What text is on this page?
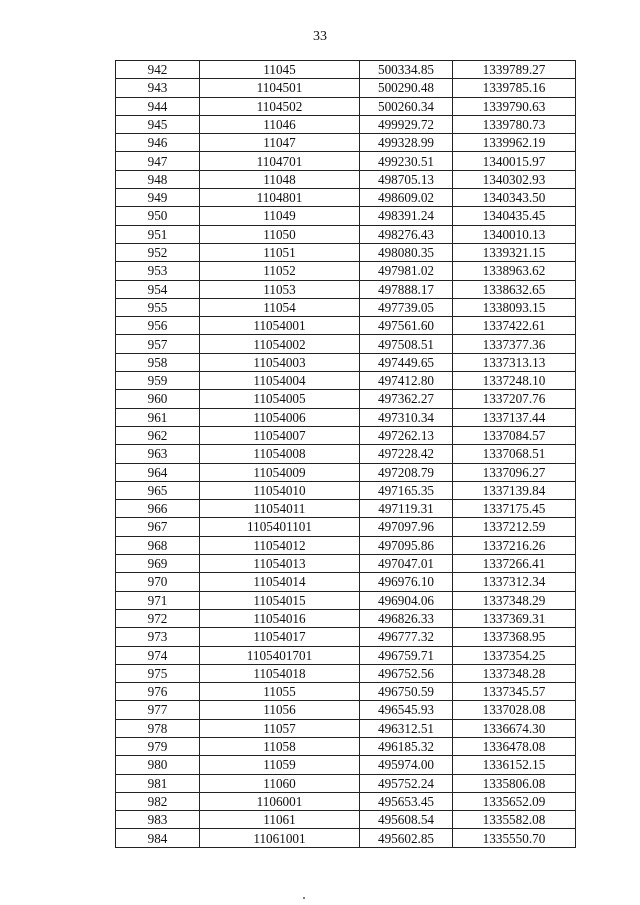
33
942	11045	500334.85	1339789.27
943	1104501	500290.48	1339785.16
944	1104502	500260.34	1339790.63
945	11046	499929.72	1339780.73
946	11047	499328.99	1339962.19
947	1104701	499230.51	1340015.97
948	11048	498705.13	1340302.93
949	1104801	498609.02	1340343.50
950	11049	498391.24	1340435.45
951	11050	498276.43	1340010.13
952	11051	498080.35	1339321.15
953	11052	497981.02	1338963.62
954	11053	497888.17	1338632.65
955	11054	497739.05	1338093.15
956	11054001	497561.60	1337422.61
957	11054002	497508.51	1337377.36
958	11054003	497449.65	1337313.13
959	11054004	497412.80	1337248.10
960	11054005	497362.27	1337207.76
961	11054006	497310.34	1337137.44
962	11054007	497262.13	1337084.57
963	11054008	497228.42	1337068.51
964	11054009	497208.79	1337096.27
965	11054010	497165.35	1337139.84
966	11054011	497119.31	1337175.45
967	1105401101	497097.96	1337212.59
968	11054012	497095.86	1337216.26
969	11054013	497047.01	1337266.41
970	11054014	496976.10	1337312.34
971	11054015	496904.06	1337348.29
972	11054016	496826.33	1337369.31
973	11054017	496777.32	1337368.95
974	1105401701	496759.71	1337354.25
975	11054018	496752.56	1337348.28
976	11055	496750.59	1337345.57
977	11056	496545.93	1337028.08
978	11057	496312.51	1336674.30
979	11058	496185.32	1336478.08
980	11059	495974.00	1336152.15
981	11060	495752.24	1335806.08
982	1106001	495653.45	1335652.09
983	11061	495608.54	1335582.08
984	11061001	495602.85	1335550.70
